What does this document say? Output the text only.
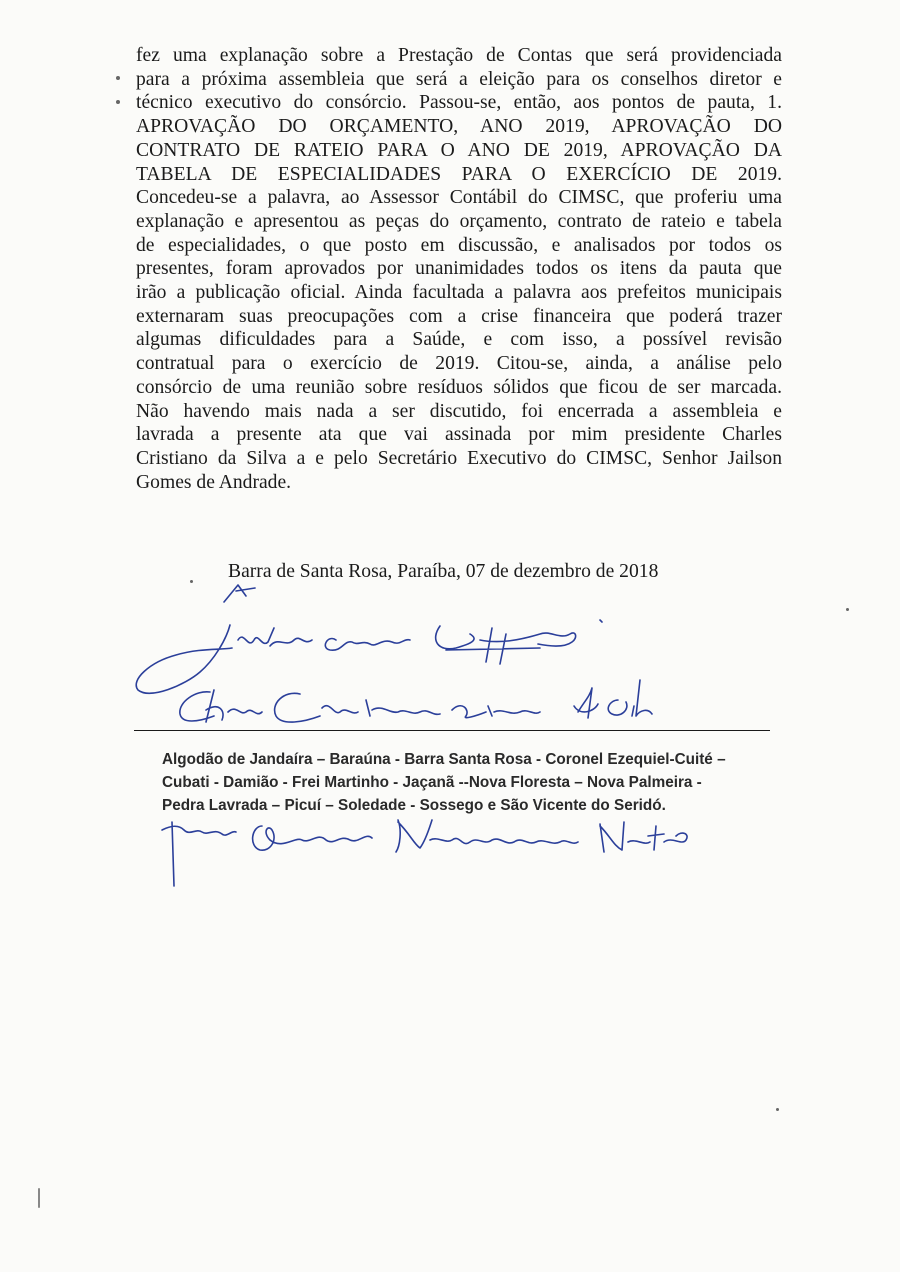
fez uma explanação sobre a Prestação de Contas que será providenciada
para a próxima assembleia que será a eleição para os conselhos diretor e
técnico executivo do consórcio. Passou-se, então, aos pontos de pauta, 1.
APROVAÇÃO DO ORÇAMENTO, ANO 2019, APROVAÇÃO DO
CONTRATO DE RATEIO PARA O ANO DE 2019, APROVAÇÃO DA
TABELA DE ESPECIALIDADES PARA O EXERCÍCIO DE 2019.
Concedeu-se a palavra, ao Assessor Contábil do CIMSC, que proferiu uma
explanação e apresentou as peças do orçamento, contrato de rateio e tabela
de especialidades, o que posto em discussão, e analisados por todos os
presentes, foram aprovados por unanimidades todos os itens da pauta que
irão a publicação oficial. Ainda facultada a palavra aos prefeitos municipais
externaram suas preocupações com a crise financeira que poderá trazer
algumas dificuldades para a Saúde, e com isso, a possível revisão
contratual para o exercício de 2019. Citou-se, ainda, a análise pelo
consórcio de uma reunião sobre resíduos sólidos que ficou de ser marcada.
Não havendo mais nada a ser discutido, foi encerrada a assembleia e
lavrada a presente ata que vai assinada por mim presidente Charles
Cristiano da Silva a e pelo Secretário Executivo do CIMSC, Senhor Jailson
Gomes de Andrade.
Barra de Santa Rosa, Paraíba, 07 de dezembro de 2018
Algodão de Jandaíra – Baraúna - Barra Santa Rosa - Coronel Ezequiel-Cuité –
Cubati - Damião - Frei Martinho - Jaçanã --Nova Floresta – Nova Palmeira -
Pedra Lavrada – Picuí – Soledade - Sossego e São Vicente do Seridó.
